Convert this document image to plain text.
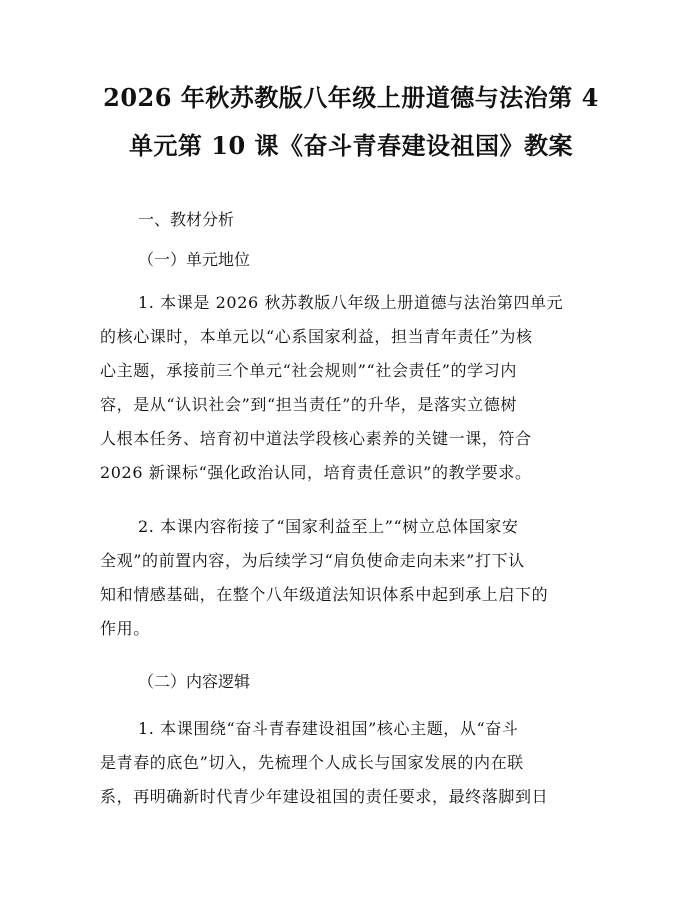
2026 年秋苏教版八年级上册道德与法治第 4
单元第 10 课《奋斗青春建设祖国》教案

一、教材分析

（一）单元地位

1. 本课是 2026 秋苏教版八年级上册道德与法治第四单元
的核心课时，本单元以“心系国家利益，担当青年责任”为核
心主题，承接前三个单元“社会规则”“社会责任”的学习内
容，是从“认识社会”到“担当责任”的升华，是落实立德树
人根本任务、培育初中道法学段核心素养的关键一课，符合
2026 新课标“强化政治认同，培育责任意识”的教学要求。

2. 本课内容衔接了“国家利益至上”“树立总体国家安
全观”的前置内容，为后续学习“肩负使命走向未来”打下认
知和情感基础，在整个八年级道法知识体系中起到承上启下的
作用。

（二）内容逻辑

1. 本课围绕“奋斗青春建设祖国”核心主题，从“奋斗
是青春的底色”切入，先梳理个人成长与国家发展的内在联
系，再明确新时代青少年建设祖国的责任要求，最终落脚到日
